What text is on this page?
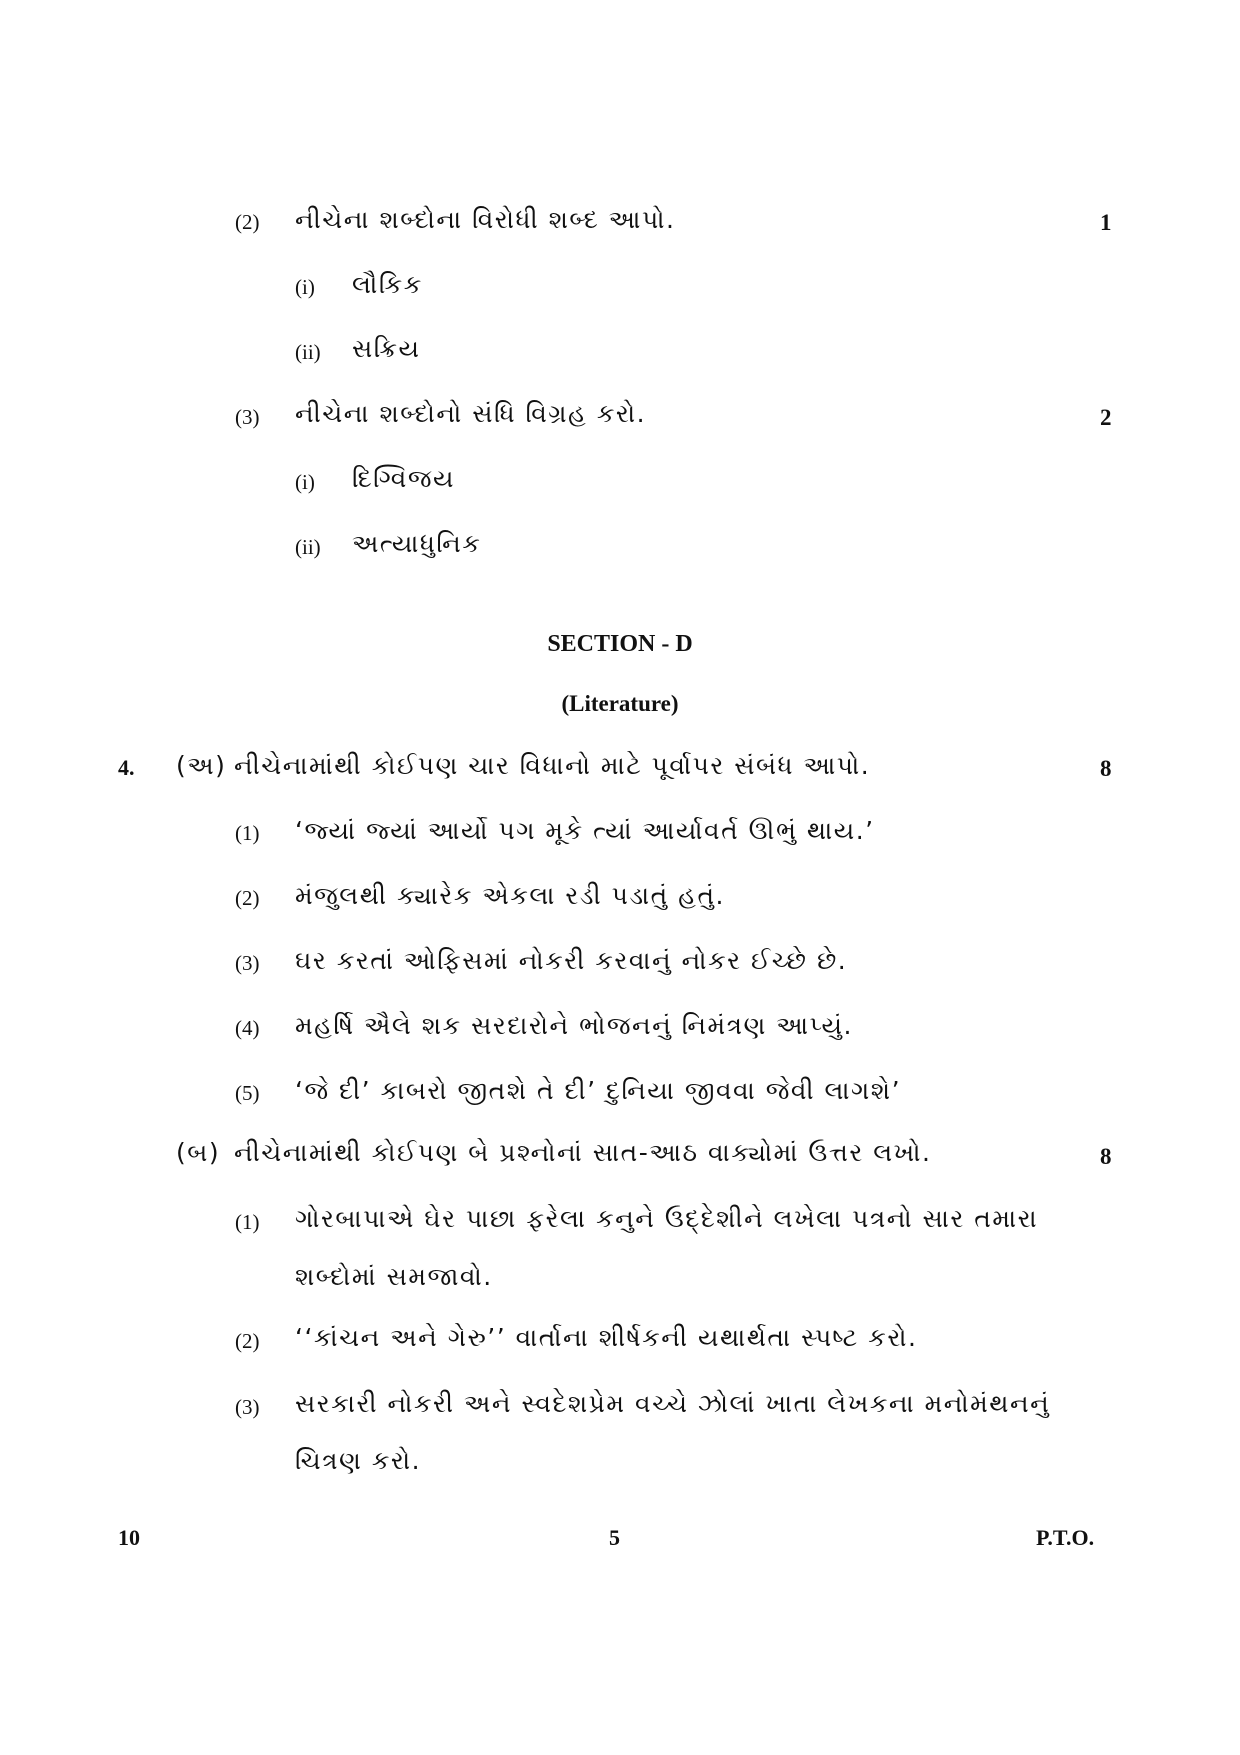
(2) નીચેના શબ્દોના વિરોધી શબ્દ આપો.	1
(i) લૌકિક
(ii) સક્રિય
(3) નીચેના શબ્દોનો સંધિ વિગ્રહ કરો.	2
(i) દિગ્વિજય
(ii) અત્યાધુનિક
SECTION - D
(Literature)
4. (અ) નીચેનામાંથી કોઈપણ ચાર વિધાનો માટે પૂર્વાપર સંબંધ આપો.	8
(1) ‘જ્યાં જ્યાં આર્યો પગ મૂકે ત્યાં આર્યાવર્ત ઊભું થાય.’
(2) મંજુલથી ક્યારેક એકલા રડી પડાતું હતું.
(3) ઘર કરતાં ઓફિસમાં નોકરી કરવાનું નોકર ઈચ્છે છે.
(4) મહર્ષિ ઐલે શક સરદારોને ભોજનનું નિમંત્રણ આપ્યું.
(5) ‘જે દી’ કાબરો જીતશે તે દી’ દુનિયા જીવવા જેવી લાગશે’
(બ) નીચેનામાંથી કોઈપણ બે પ્રશ્નોનાં સાત-આઠ વાક્યોમાં ઉત્તર લખો.	8
(1) ગોરબાપાએ ઘેર પાછા ફરેલા કનુને ઉદ્દેશીને લખેલા પત્રનો સાર તમારા
શબ્દોમાં સમજાવો.
(2) ‘‘કાંચન અને ગેરુ’’ વાર્તાના શીર્ષકની યથાર્થતા સ્પષ્ટ કરો.
(3) સરકારી નોકરી અને સ્વદેશપ્રેમ વચ્ચે ઝોલાં ખાતા લેખકના મનોમંથનનું
ચિત્રણ કરો.
10	5	P.T.O.
